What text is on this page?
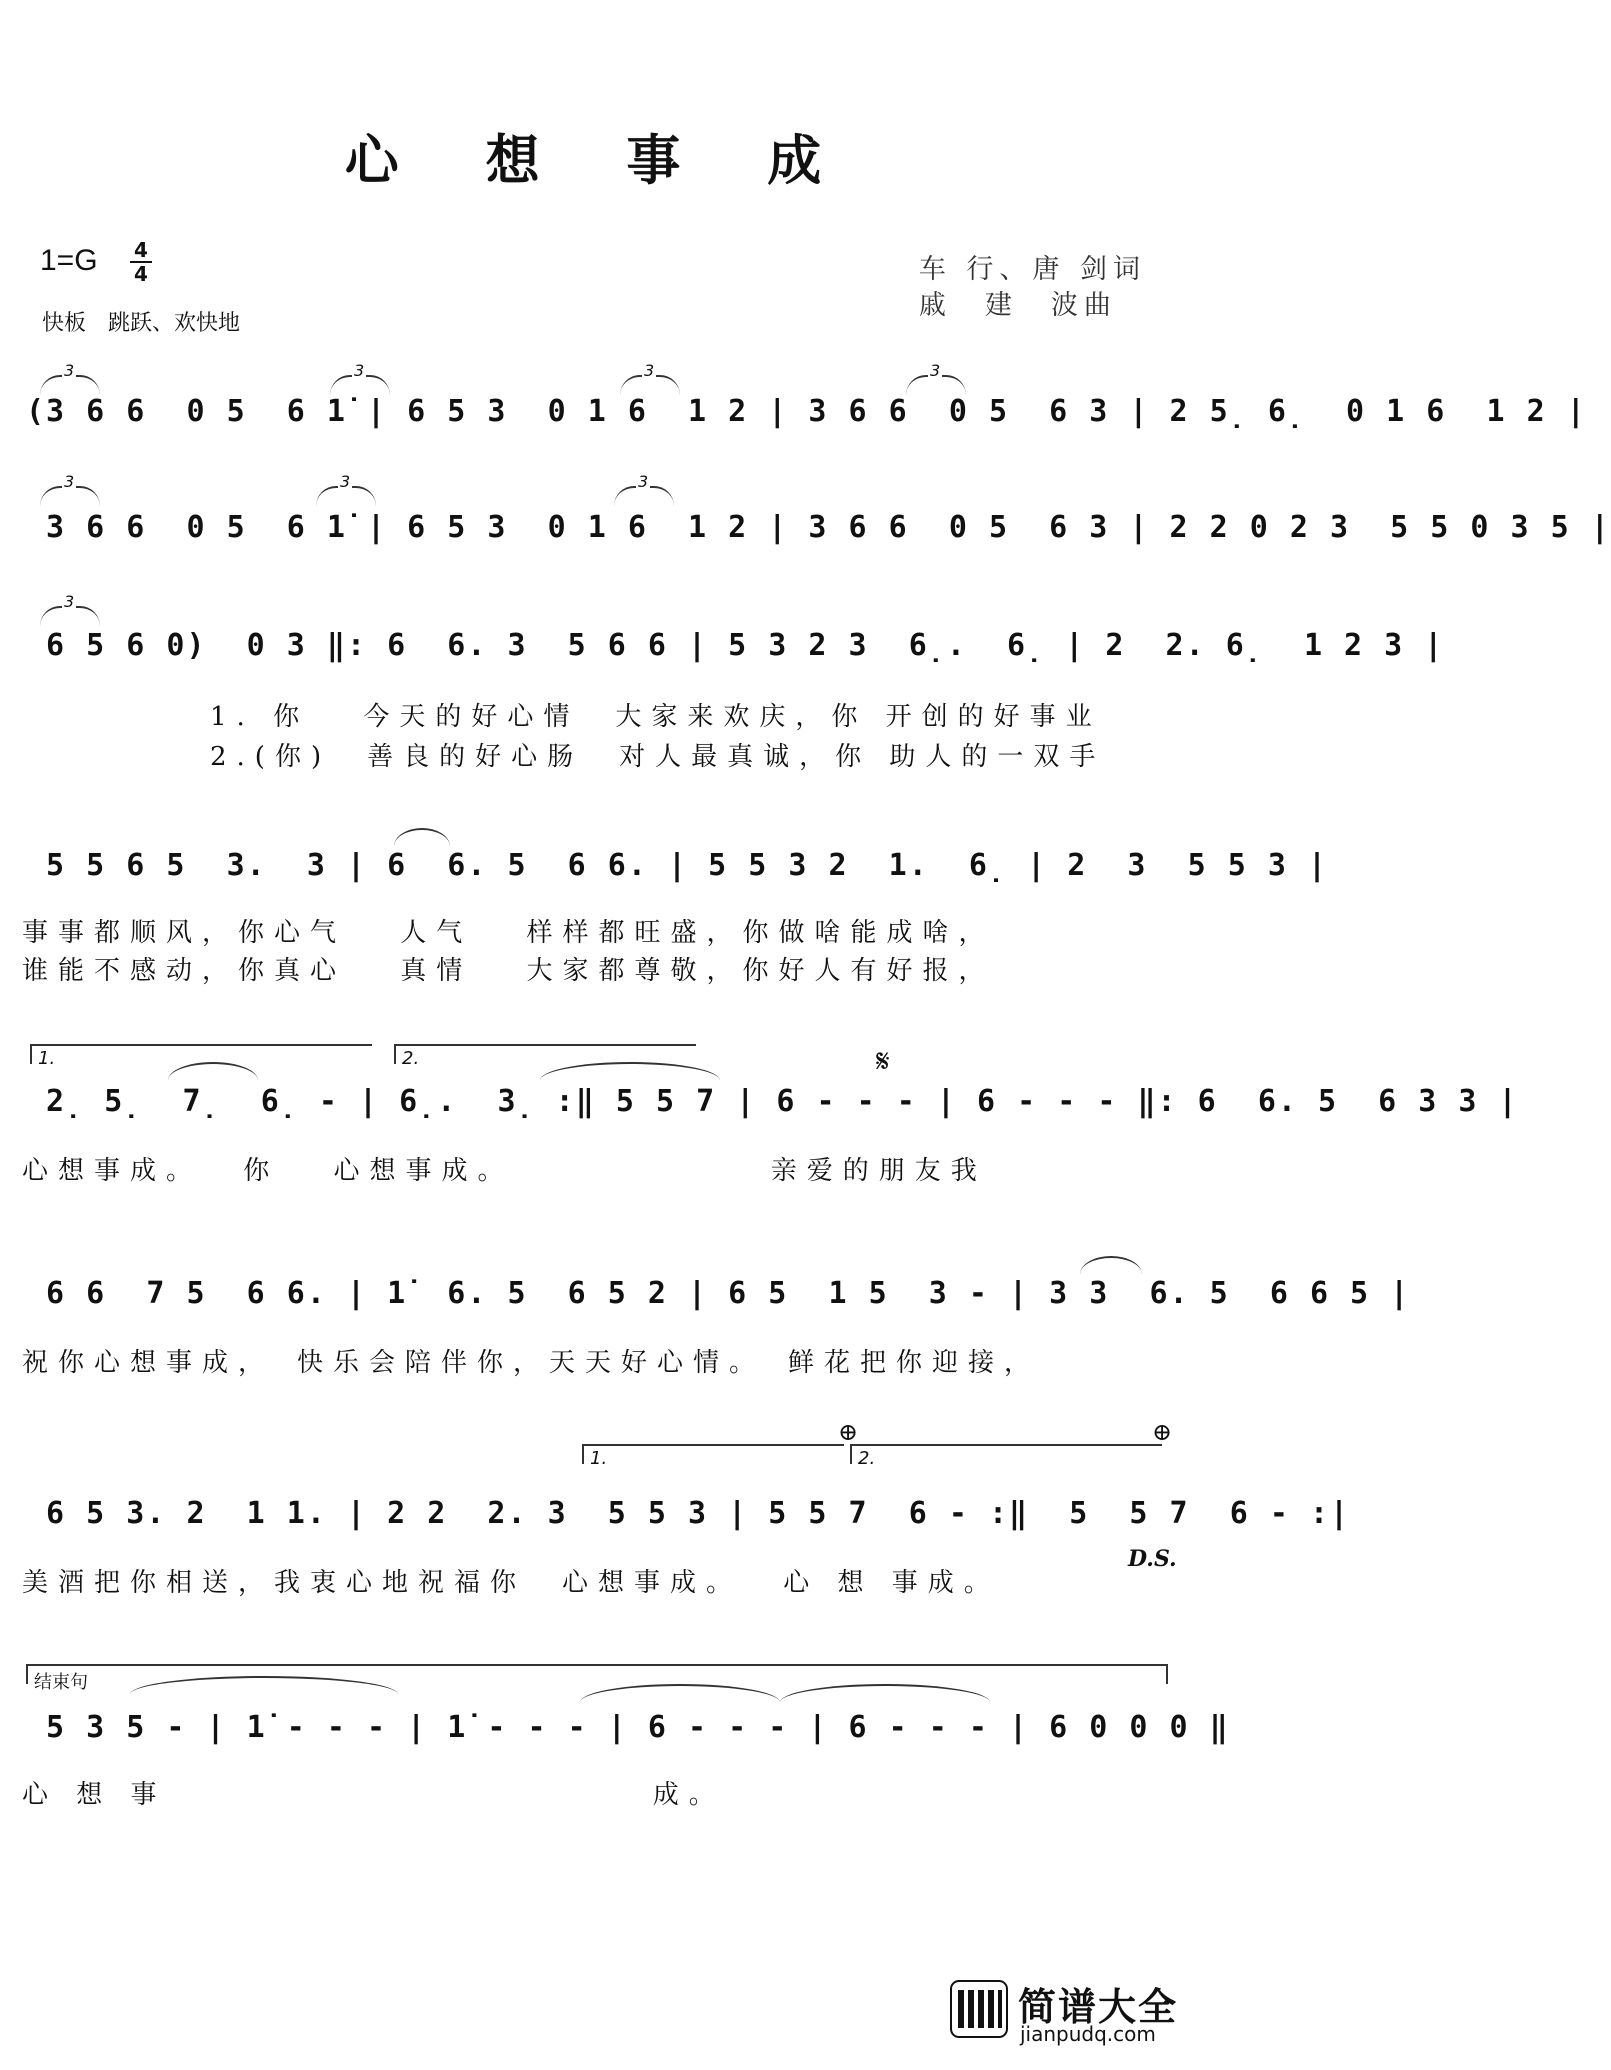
心 想 事 成
1=G 4
4
快板　跳跃、欢快地
车 行、唐 剑词
戚　建　波曲
3	3	3	3
(3 6 6  0 5  6 1̇ | 6 5 3  0 1 6  1 2 | 3 6 6  0 5  6 3 | 2 5̣ 6̣  0 1 6  1 2 |
3	3	3
3 6 6  0 5  6 1̇ | 6 5 3  0 1 6  1 2 | 3 6 6  0 5  6 3 | 2 2 0 2 3  5 5 0 3 5 |
3
6 5 6 0)  0 3 ‖: 6  6. 3  5 6 6 | 5 3 2 3  6̣.  6̣ | 2  2. 6̣  1 2 3 |
1. 你　 今天的好心情　大家来欢庆，你 开创的好事业
2.(你)　善良的好心肠　对人最真诚，你 助人的一双手
5 5 6 5  3.  3 | 6  6. 5  6 6. | 5 5 3 2  1.  6̣ | 2  3  5 5 3 |
事事都顺风，你心气　 人气　 样样都旺盛，你做啥能成啥，
谁能不感动，你真心　 真情　 大家都尊敬，你好人有好报，
1.	2.	𝄋
2̣ 5̣  7̣  6̣ - | 6̣.  3̣ :‖ 5 5 7 | 6 - - - | 6 - - - ‖: 6  6. 5  6 3 3 |
心想事成。　 你　 心想事成。　　　　　　　 亲爱的朋友我
6 6  7 5  6 6. | 1̇  6. 5  6 5 2 | 6 5  1 5  3 - | 3 3  6. 5  6 6 5 |
祝你心想事成，　快乐会陪伴你，天天好心情。　鲜花把你迎接，
⊕	⊕
1.	2.
6 5 3. 2  1 1. | 2 2  2. 3  5 5 3 | 5 5 7  6 - :‖  5  5 7  6 - :|
美酒把你相送，我衷心地祝福你　心想事成。　 心 想 事成。
D.S.
结束句
5 3 5 - | 1̇ - - - | 1̇ - - - | 6 - - - | 6 - - - | 6 0 0 0 ‖
心 想 事　　　　　　　　　　　　　 成。
简谱大全
jianpudq.com
